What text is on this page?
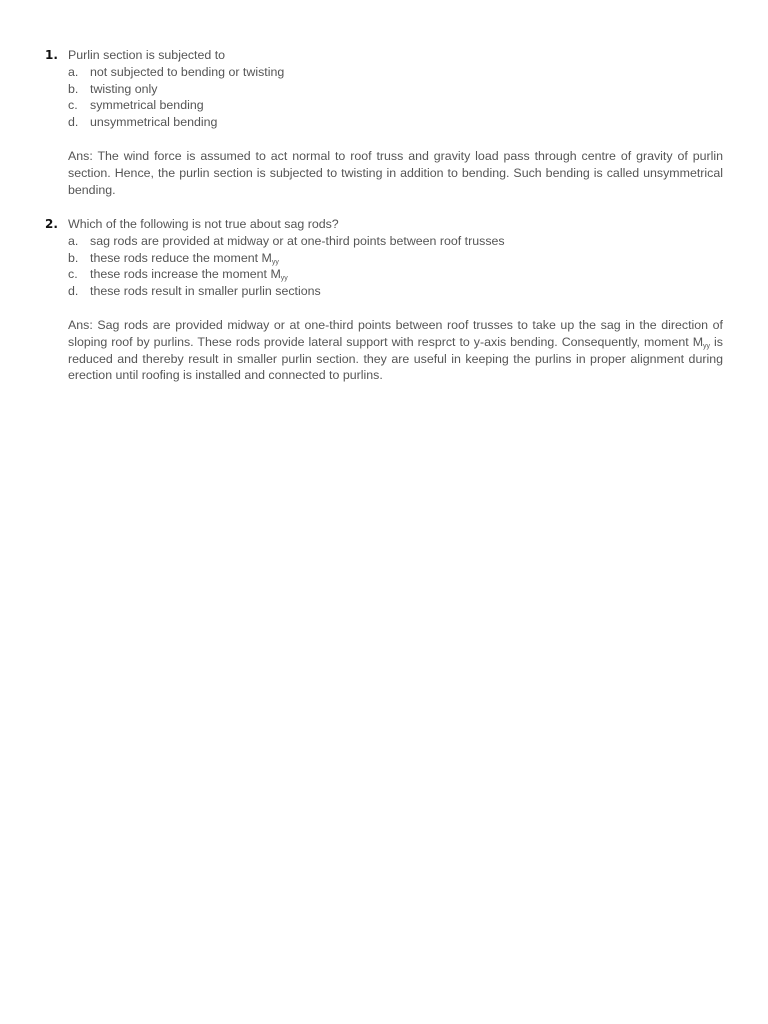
1. Purlin section is subjected to
a. not subjected to bending or twisting
b. twisting only
c. symmetrical bending
d. unsymmetrical bending

Ans: The wind force is assumed to act normal to roof truss and gravity load pass through centre of gravity of purlin section. Hence, the purlin section is subjected to twisting in addition to bending. Such bending is called unsymmetrical bending.

2. Which of the following is not true about sag rods?
a. sag rods are provided at midway or at one-third points between roof trusses
b. these rods reduce the moment $M_{yy}$
c. these rods increase the moment $M_{yy}$
d. these rods result in smaller purlin sections

Ans: Sag rods are provided midway or at one-third points between roof trusses to take up the sag in the direction of sloping roof by purlins. These rods provide lateral support with resprct to y-axis bending. Consequently, moment $M_{yy}$ is reduced and thereby result in smaller purlin section. they are useful in keeping the purlins in proper alignment during erection until roofing is installed and connected to purlins.
